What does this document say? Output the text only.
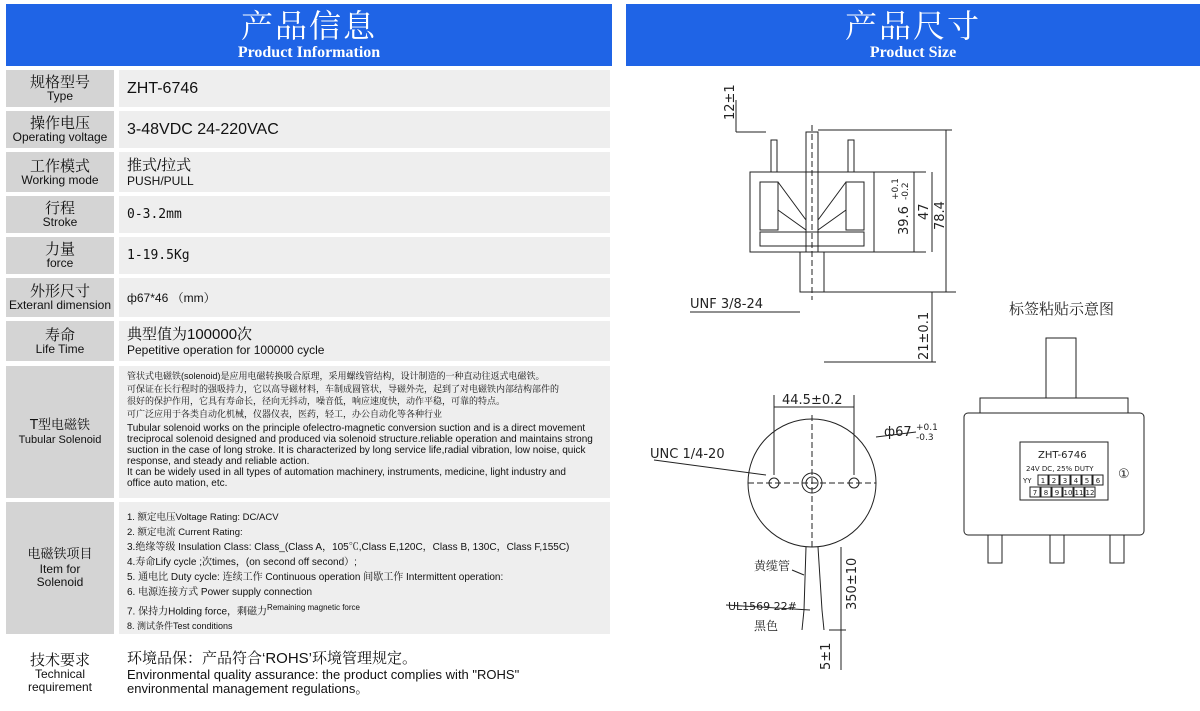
产品信息
Product Information
产品尺寸
Product Size
规格型号
Type	ZHT-6746
操作电压
Operating voltage 3-48VDC 24-220VAC
工作模式
Working mode
推式/拉式
PUSH/PULL
行程
Stroke
0-3.2mm
力量
force
1-19.5Kg
外形尺寸
Exteranl dimension
ф67*46 （mm）
寿命
Life Time
典型值为100000次
Pepetitive operation for 100000 cycle
T型电磁铁
Tubular Solenoid

管状式电磁铁(solenoid)是应用电磁转换吸合原理，采用螺线管结构，设计制造的一种直动往返式电磁铁。

可保证在长行程时的强吸持力，它以高导磁材料，车制成圆管状，导磁外壳，起到了对电磁铁内部结构部件的

很好的保护作用，它具有寿命长，径向无抖动，噪音低，响应速度快，动作平稳，可靠的特点。

可广泛应用于各类自动化机械，仪器仪表，医药，轻工，办公自动化等各种行业

Tubular solenoid works on the principle ofelectro-magnetic conversion suction and is a direct movement

treciprocal solenoid designed and produced via solenoid structure.reliable operation and maintains strong

suction in the case of long stroke. It is characterized by long service life,radial vibration, low noise, quick

response, and steady and reliable action.

It can be widely used in all types of automation machinery, instruments, medicine, light industry and

office auto mation, etc.

电磁铁项目
Item for
Solenoid

1. 额定电压Voltage Rating: DC/ACV

2. 额定电流 Current Rating:

3.绝缘等级 Insulation Class: Class_(Class A，105℃,Class E,120C，Class B, 130C，Class F,155C)

4.寿命Lify cycle ;次times，(on second off second）;

5. 通电比 Duty cycle: 连续工作 Continuous operation 间歇工作 Intermittent operation:

6. 电源连接方式 Power supply connection

7. 保持力Holding force，剩磁力$^{Remaining magnetic force}$

8. 测试条件Test conditions

技术要求
Technical
requirement
环境品保：产品符合‘ROHS’环境管理规定。
Environmental quality assurance: the product complies with "ROHS"
environmental management regulations。
12±1
39.6
+0.1 -0.2
47 78.4
21±0.1
UNF 3/8-24
44.5±0.2
ф67 +0.1
-0.3
UNC 1/4-20
黄缆管
UL1569 22#
黑色
350±10
5±1
标签粘贴示意图
ZHT-6746
24V DC, 25% DUTY
YY	①
1 2 3 4 5 6
7 8 9 10 11 12
